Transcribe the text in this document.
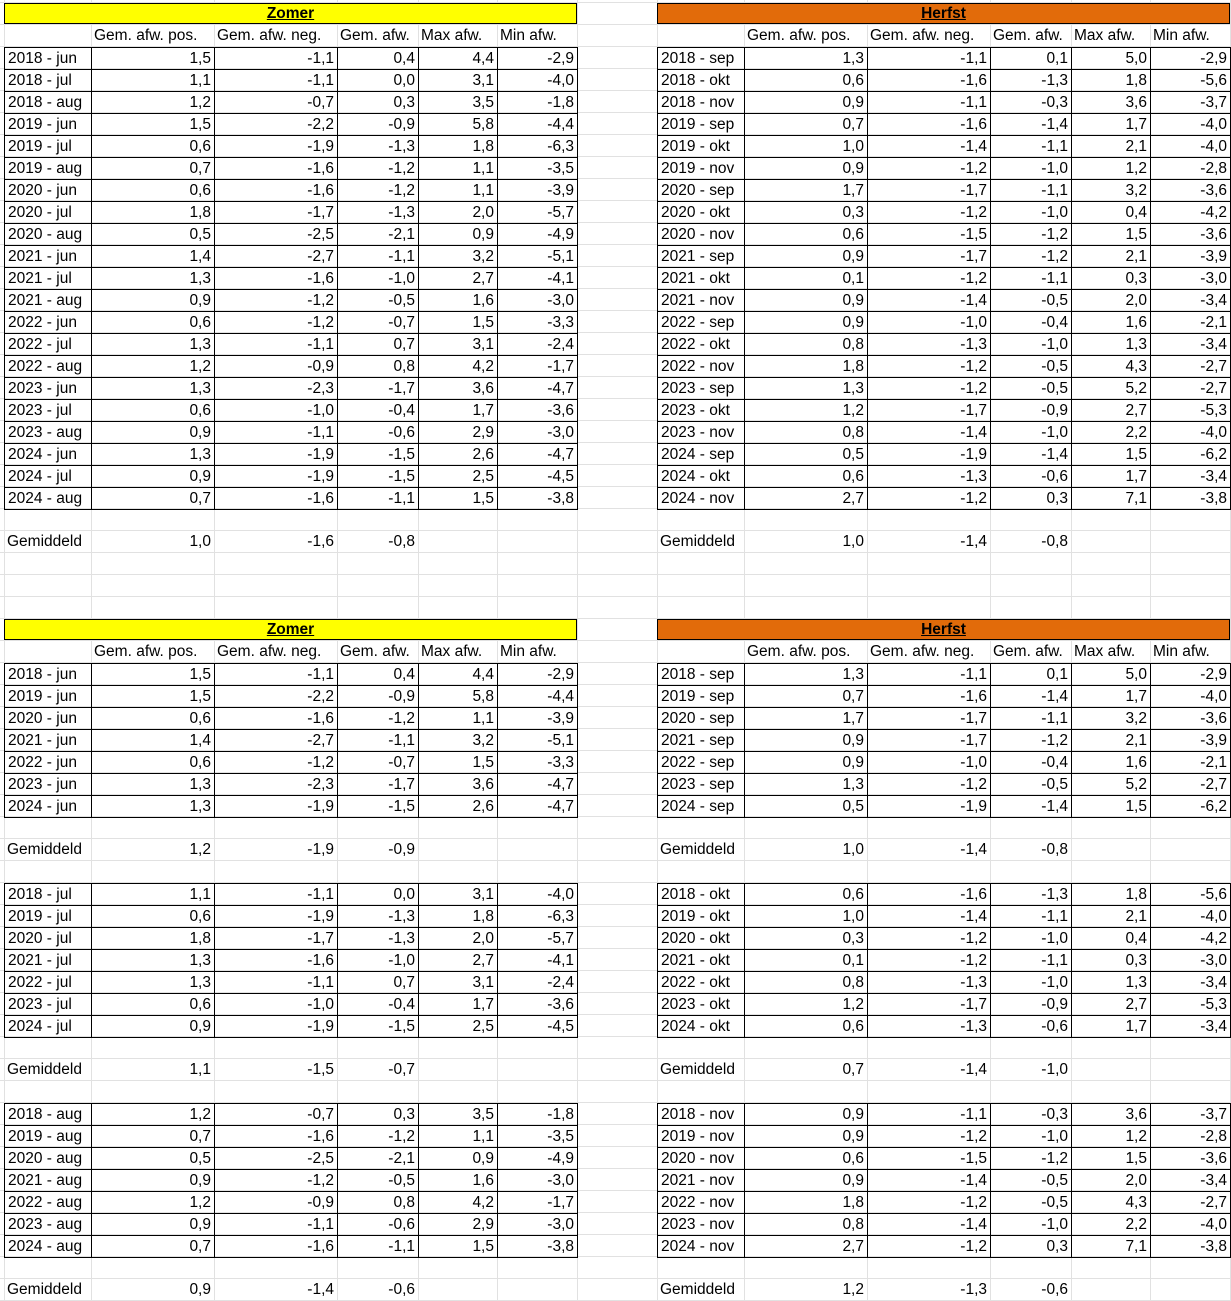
Zomer
	Gem. afw. pos.	Gem. afw. neg.	Gem. afw.	Max afw.	Min afw.
2018 - jun	1,5	-1,1	0,4	4,4	-2,9
2018 - jul	1,1	-1,1	0,0	3,1	-4,0
2018 - aug	1,2	-0,7	0,3	3,5	-1,8
2019 - jun	1,5	-2,2	-0,9	5,8	-4,4
2019 - jul	0,6	-1,9	-1,3	1,8	-6,3
2019 - aug	0,7	-1,6	-1,2	1,1	-3,5
2020 - jun	0,6	-1,6	-1,2	1,1	-3,9
2020 - jul	1,8	-1,7	-1,3	2,0	-5,7
2020 - aug	0,5	-2,5	-2,1	0,9	-4,9
2021 - jun	1,4	-2,7	-1,1	3,2	-5,1
2021 - jul	1,3	-1,6	-1,0	2,7	-4,1
2021 - aug	0,9	-1,2	-0,5	1,6	-3,0
2022 - jun	0,6	-1,2	-0,7	1,5	-3,3
2022 - jul	1,3	-1,1	0,7	3,1	-2,4
2022 - aug	1,2	-0,9	0,8	4,2	-1,7
2023 - jun	1,3	-2,3	-1,7	3,6	-4,7
2023 - jul	0,6	-1,0	-0,4	1,7	-3,6
2023 - aug	0,9	-1,1	-0,6	2,9	-3,0
2024 - jun	1,3	-1,9	-1,5	2,6	-4,7
2024 - jul	0,9	-1,9	-1,5	2,5	-4,5
2024 - aug	0,7	-1,6	-1,1	1,5	-3,8
Gemiddeld	1,0	-1,6	-0,8
Herfst
	Gem. afw. pos.	Gem. afw. neg.	Gem. afw.	Max afw.	Min afw.
2018 - sep	1,3	-1,1	0,1	5,0	-2,9
2018 - okt	0,6	-1,6	-1,3	1,8	-5,6
2018 - nov	0,9	-1,1	-0,3	3,6	-3,7
2019 - sep	0,7	-1,6	-1,4	1,7	-4,0
2019 - okt	1,0	-1,4	-1,1	2,1	-4,0
2019 - nov	0,9	-1,2	-1,0	1,2	-2,8
2020 - sep	1,7	-1,7	-1,1	3,2	-3,6
2020 - okt	0,3	-1,2	-1,0	0,4	-4,2
2020 - nov	0,6	-1,5	-1,2	1,5	-3,6
2021 - sep	0,9	-1,7	-1,2	2,1	-3,9
2021 - okt	0,1	-1,2	-1,1	0,3	-3,0
2021 - nov	0,9	-1,4	-0,5	2,0	-3,4
2022 - sep	0,9	-1,0	-0,4	1,6	-2,1
2022 - okt	0,8	-1,3	-1,0	1,3	-3,4
2022 - nov	1,8	-1,2	-0,5	4,3	-2,7
2023 - sep	1,3	-1,2	-0,5	5,2	-2,7
2023 - okt	1,2	-1,7	-0,9	2,7	-5,3
2023 - nov	0,8	-1,4	-1,0	2,2	-4,0
2024 - sep	0,5	-1,9	-1,4	1,5	-6,2
2024 - okt	0,6	-1,3	-0,6	1,7	-3,4
2024 - nov	2,7	-1,2	0,3	7,1	-3,8
Gemiddeld	1,0	-1,4	-0,8
Zomer
	Gem. afw. pos.	Gem. afw. neg.	Gem. afw.	Max afw.	Min afw.
2018 - jun	1,5	-1,1	0,4	4,4	-2,9
2019 - jun	1,5	-2,2	-0,9	5,8	-4,4
2020 - jun	0,6	-1,6	-1,2	1,1	-3,9
2021 - jun	1,4	-2,7	-1,1	3,2	-5,1
2022 - jun	0,6	-1,2	-0,7	1,5	-3,3
2023 - jun	1,3	-2,3	-1,7	3,6	-4,7
2024 - jun	1,3	-1,9	-1,5	2,6	-4,7
Gemiddeld	1,2	-1,9	-0,9
Herfst
	Gem. afw. pos.	Gem. afw. neg.	Gem. afw.	Max afw.	Min afw.
2018 - sep	1,3	-1,1	0,1	5,0	-2,9
2019 - sep	0,7	-1,6	-1,4	1,7	-4,0
2020 - sep	1,7	-1,7	-1,1	3,2	-3,6
2021 - sep	0,9	-1,7	-1,2	2,1	-3,9
2022 - sep	0,9	-1,0	-0,4	1,6	-2,1
2023 - sep	1,3	-1,2	-0,5	5,2	-2,7
2024 - sep	0,5	-1,9	-1,4	1,5	-6,2
Gemiddeld	1,0	-1,4	-0,8
2018 - jul	1,1	-1,1	0,0	3,1	-4,0
2019 - jul	0,6	-1,9	-1,3	1,8	-6,3
2020 - jul	1,8	-1,7	-1,3	2,0	-5,7
2021 - jul	1,3	-1,6	-1,0	2,7	-4,1
2022 - jul	1,3	-1,1	0,7	3,1	-2,4
2023 - jul	0,6	-1,0	-0,4	1,7	-3,6
2024 - jul	0,9	-1,9	-1,5	2,5	-4,5
Gemiddeld	1,1	-1,5	-0,7
2018 - okt	0,6	-1,6	-1,3	1,8	-5,6
2019 - okt	1,0	-1,4	-1,1	2,1	-4,0
2020 - okt	0,3	-1,2	-1,0	0,4	-4,2
2021 - okt	0,1	-1,2	-1,1	0,3	-3,0
2022 - okt	0,8	-1,3	-1,0	1,3	-3,4
2023 - okt	1,2	-1,7	-0,9	2,7	-5,3
2024 - okt	0,6	-1,3	-0,6	1,7	-3,4
Gemiddeld	0,7	-1,4	-1,0
2018 - aug	1,2	-0,7	0,3	3,5	-1,8
2019 - aug	0,7	-1,6	-1,2	1,1	-3,5
2020 - aug	0,5	-2,5	-2,1	0,9	-4,9
2021 - aug	0,9	-1,2	-0,5	1,6	-3,0
2022 - aug	1,2	-0,9	0,8	4,2	-1,7
2023 - aug	0,9	-1,1	-0,6	2,9	-3,0
2024 - aug	0,7	-1,6	-1,1	1,5	-3,8
Gemiddeld	0,9	-1,4	-0,6
2018 - nov	0,9	-1,1	-0,3	3,6	-3,7
2019 - nov	0,9	-1,2	-1,0	1,2	-2,8
2020 - nov	0,6	-1,5	-1,2	1,5	-3,6
2021 - nov	0,9	-1,4	-0,5	2,0	-3,4
2022 - nov	1,8	-1,2	-0,5	4,3	-2,7
2023 - nov	0,8	-1,4	-1,0	2,2	-4,0
2024 - nov	2,7	-1,2	0,3	7,1	-3,8
Gemiddeld	1,2	-1,3	-0,6
